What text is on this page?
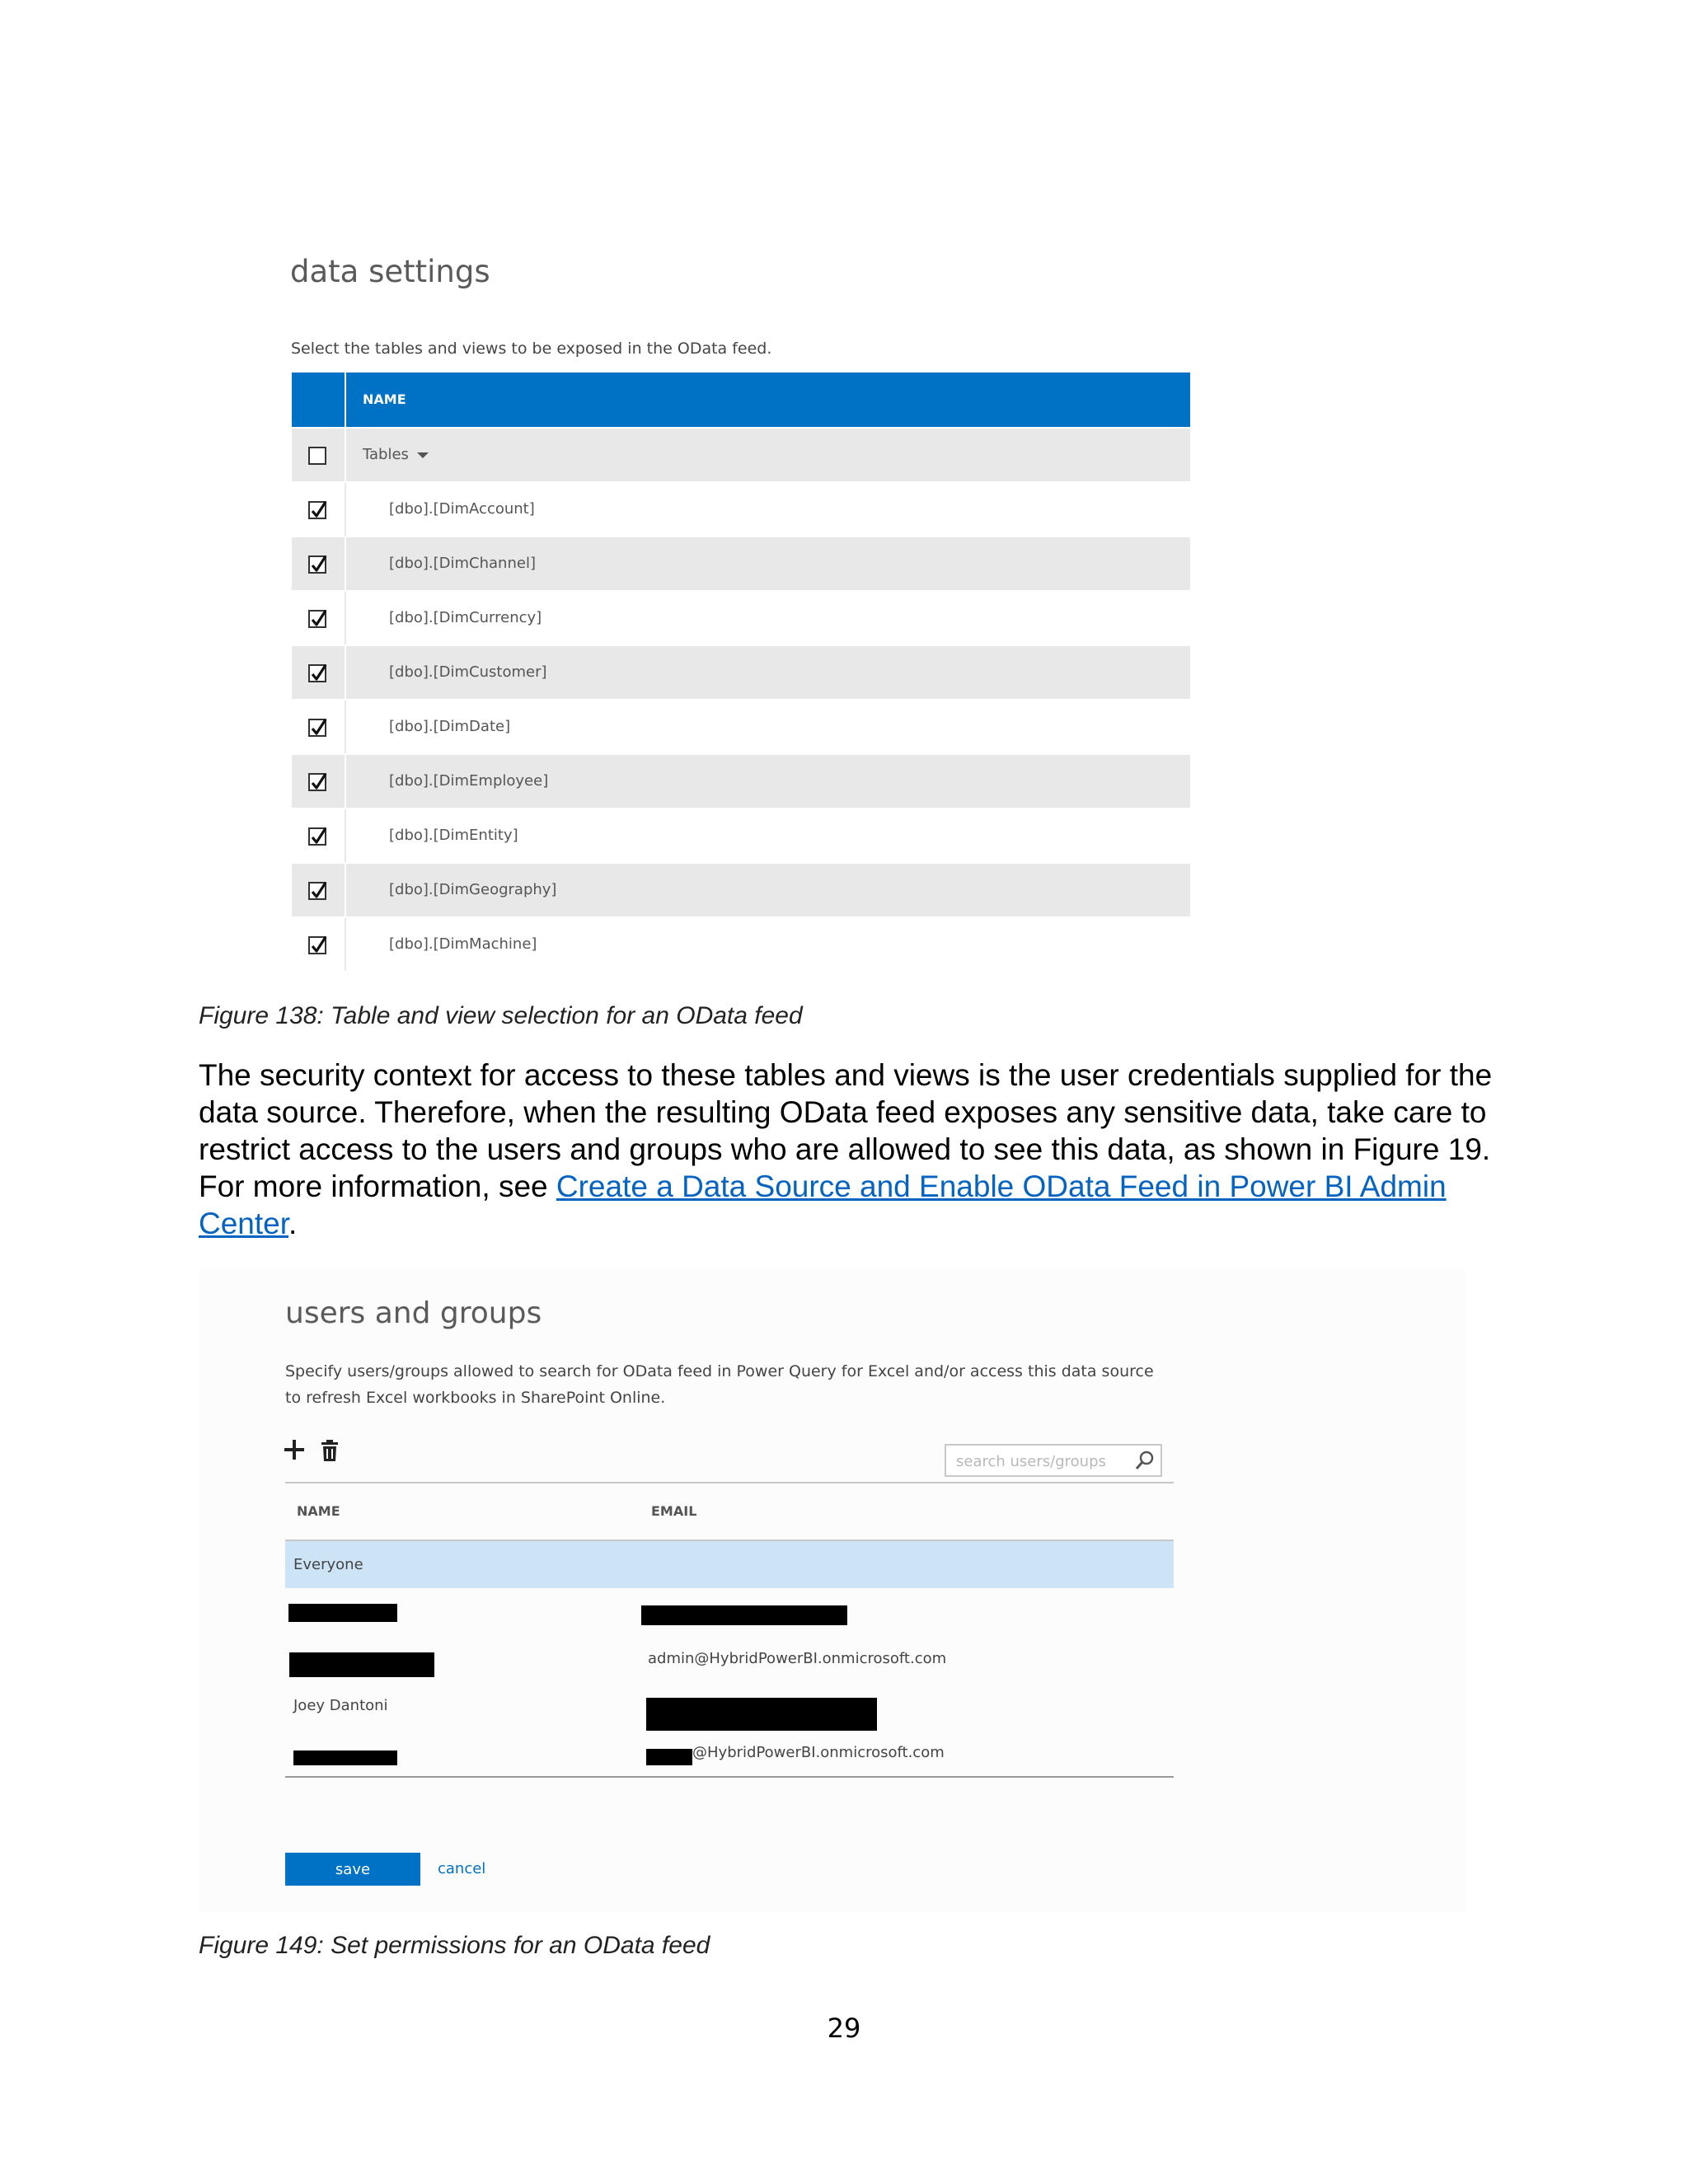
data settings
Select the tables and views to be exposed in the OData feed.
NAME
Tables
[dbo].[DimAccount]
[dbo].[DimChannel]
[dbo].[DimCurrency]
[dbo].[DimCustomer]
[dbo].[DimDate]
[dbo].[DimEmployee]
[dbo].[DimEntity]
[dbo].[DimGeography]
[dbo].[DimMachine]
Figure 138: Table and view selection for an OData feed
The security context for access to these tables and views is the user credentials supplied for the data source. Therefore, when the resulting OData feed exposes any sensitive data, take care to restrict access to the users and groups who are allowed to see this data, as shown in Figure 19. For more information, see Create a Data Source and Enable OData Feed in Power BI Admin Center.
users and groups
Specify users/groups allowed to search for OData feed in Power Query for Excel and/or access this data source to refresh Excel workbooks in SharePoint Online.
search users/groups
NAME	EMAIL
Everyone
admin@HybridPowerBI.onmicrosoft.com
Joey Dantoni
@HybridPowerBI.onmicrosoft.com
save	cancel
Figure 149: Set permissions for an OData feed
29
